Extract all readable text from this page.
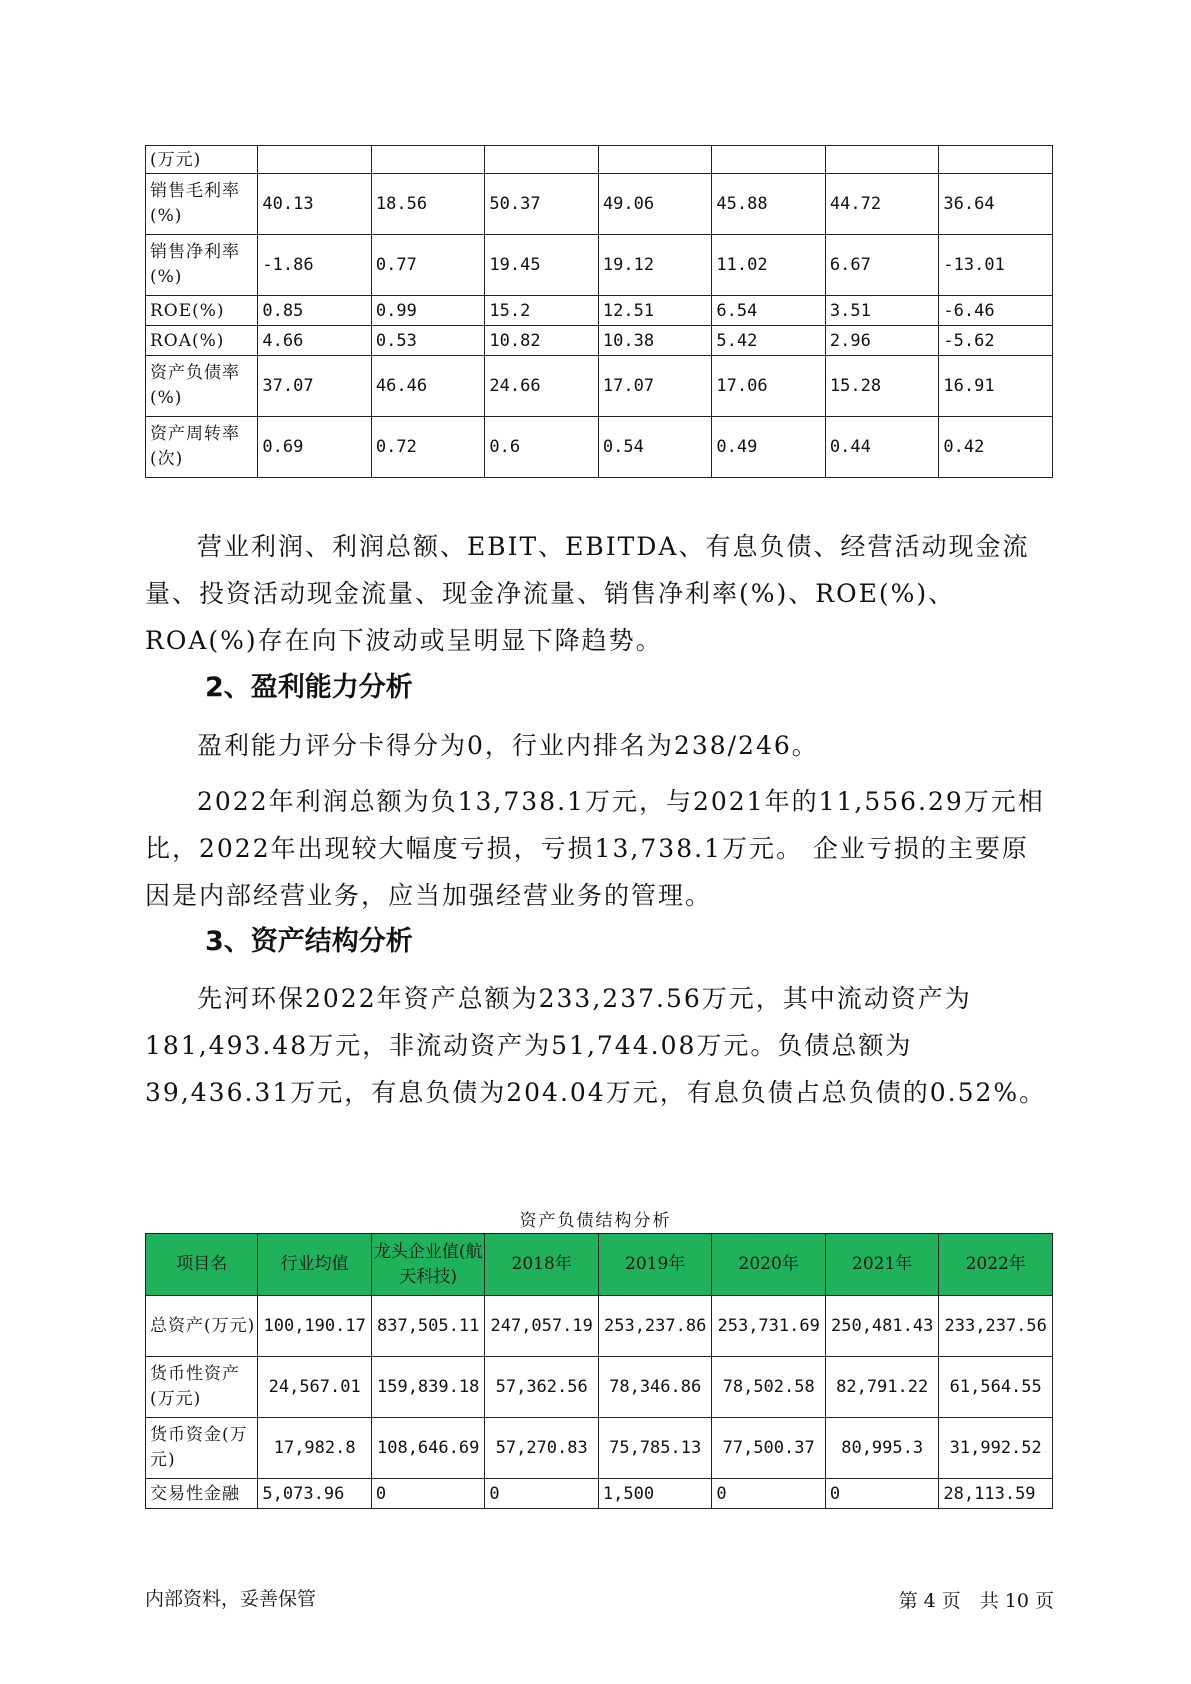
(万元)							
销售毛利率(%)	40.13	18.56	50.37	49.06	45.88	44.72	36.64
销售净利率(%)	-1.86	0.77	19.45	19.12	11.02	6.67	-13.01
ROE(%)	0.85	0.99	15.2	12.51	6.54	3.51	-6.46
ROA(%)	4.66	0.53	10.82	10.38	5.42	2.96	-5.62
资产负债率(%)	37.07	46.46	24.66	17.07	17.06	15.28	16.91
资产周转率(次)	0.69	0.72	0.6	0.54	0.49	0.44	0.42

营业利润、利润总额、EBIT、EBITDA、有息负债、经营活动现金流量、投资活动现金流量、现金净流量、销售净利率(%)、ROE(%)、ROA(%)存在向下波动或呈明显下降趋势。

2、盈利能力分析

盈利能力评分卡得分为0，行业内排名为238/246。

2022年利润总额为负13,738.1万元，与2021年的11,556.29万元相比，2022年出现较大幅度亏损，亏损13,738.1万元。 企业亏损的主要原因是内部经营业务，应当加强经营业务的管理。

3、资产结构分析

先河环保2022年资产总额为233,237.56万元，其中流动资产为181,493.48万元，非流动资产为51,744.08万元。负债总额为39,436.31万元，有息负债为204.04万元，有息负债占总负债的0.52%。

资产负债结构分析

项目名	行业均值	龙头企业值(航天科技)	2018年	2019年	2020年	2021年	2022年
总资产(万元)	100,190.17	837,505.11	247,057.19	253,237.86	253,731.69	250,481.43	233,237.56
货币性资产(万元)	24,567.01	159,839.18	57,362.56	78,346.86	78,502.58	82,791.22	61,564.55
货币资金(万元)	17,982.8	108,646.69	57,270.83	75,785.13	77,500.37	80,995.3	31,992.52
交易性金融	5,073.96	0	0	1,500	0	0	28,113.59

内部资料，妥善保管	第 4 页　共 10 页
